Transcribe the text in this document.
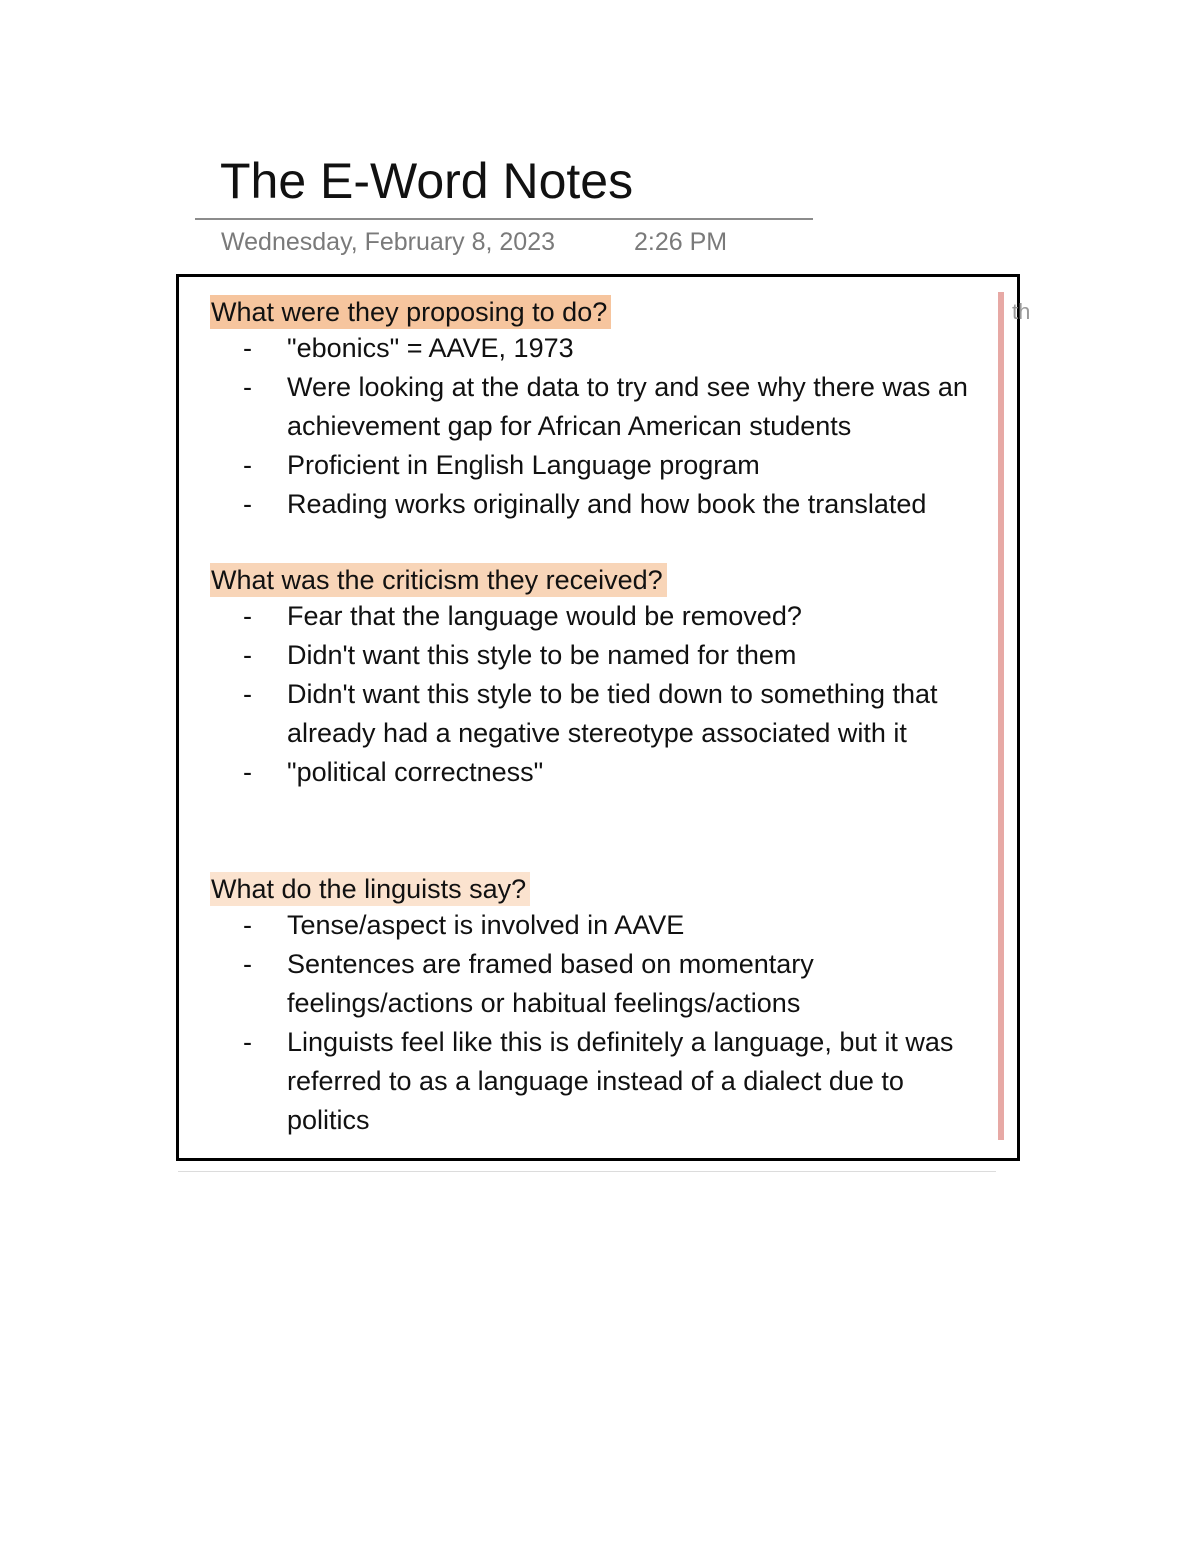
The E-Word Notes
Wednesday, February 8, 2023	2:26 PM
th
What were they proposing to do?
- "ebonics" = AAVE, 1973
- Were looking at the data to try and see why there was an achievement gap for African American students
- Proficient in English Language program
- Reading works originally and how book the translated
What was the criticism they received?
- Fear that the language would be removed?
- Didn't want this style to be named for them
- Didn't want this style to be tied down to something that already had a negative stereotype associated with it
- "political correctness"
What do the linguists say?
- Tense/aspect is involved in AAVE
- Sentences are framed based on momentary feelings/actions or habitual feelings/actions
- Linguists feel like this is definitely a language, but it was referred to as a language instead of a dialect due to politics
